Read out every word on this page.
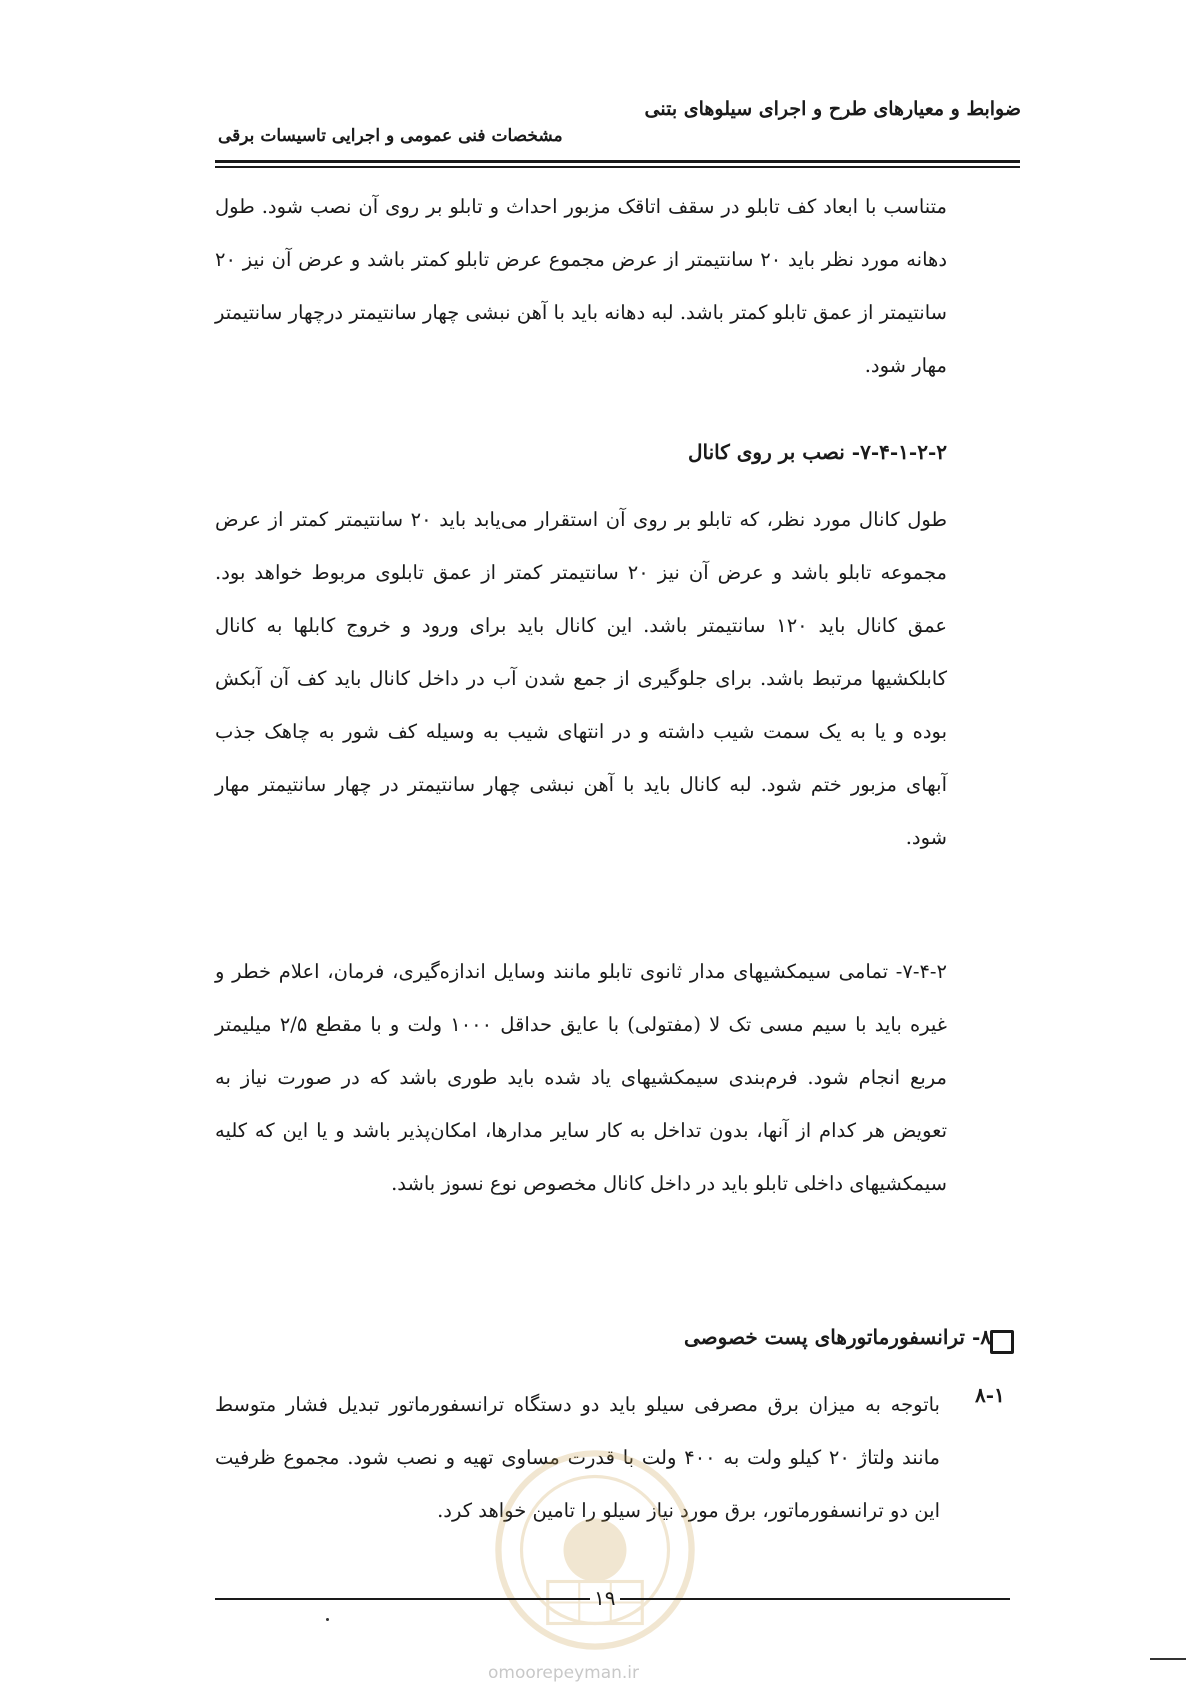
ضوابط و معیارهای طرح و اجرای سیلوهای بتنی
مشخصات فنی عمومی و اجرایی تاسیسات برقی

متناسب با ابعاد کف تابلو در سقف اتاقک مزبور احداث و تابلو بر روی آن نصب شود. طول دهانه مورد نظر باید ۲۰ سانتیمتر از عرض مجموع عرض تابلو کمتر باشد و عرض آن نیز ۲۰ سانتیمتر از عمق تابلو کمتر باشد. لبه دهانه باید با آهن نبشی چهار سانتیمتر درچهار سانتیمتر مهار شود.

۷-۴-۱-۲-۲- نصب بر روی کانال

طول کانال مورد نظر، که تابلو بر روی آن استقرار می‌یابد باید ۲۰ سانتیمتر کمتر از عرض مجموعه تابلو باشد و عرض آن نیز ۲۰ سانتیمتر کمتر از عمق تابلوی مربوط خواهد بود. عمق کانال باید ۱۲۰ سانتیمتر باشد. این کانال باید برای ورود و خروج کابلها به کانال کابلکشیها مرتبط باشد. برای جلوگیری از جمع شدن آب در داخل کانال باید کف آن آبکش بوده و یا به یک سمت شیب داشته و در انتهای شیب به وسیله کف شور به چاهک جذب آبهای مزبور ختم شود. لبه کانال باید با آهن نبشی چهار سانتیمتر در چهار سانتیمتر مهار شود.

۷-۴-۲- تمامی سیمکشیهای مدار ثانوی تابلو مانند وسایل اندازه‌گیری، فرمان، اعلام خطر و غیره باید با سیم مسی تک لا (مفتولی) با عایق حداقل ۱۰۰۰ ولت و با مقطع ۲/۵ میلیمتر مربع انجام شود. فرم‌بندی سیمکشیهای یاد شده باید طوری باشد که در صورت نیاز به تعویض هر کدام از آنها، بدون تداخل به کار سایر مدارها، امکان‌پذیر باشد و یا این که کلیه سیمکشیهای داخلی تابلو باید در داخل کانال مخصوص نوع نسوز باشد.

۸- ترانسفورماتورهای پست خصوصی
۸-۱

باتوجه به میزان برق مصرفی سیلو باید دو دستگاه ترانسفورماتور تبدیل فشار متوسط مانند ولتاژ ۲۰ کیلو ولت به ۴۰۰ ولت با قدرت مساوی تهیه و نصب شود. مجموع ظرفیت این دو ترانسفورماتور، برق مورد نیاز سیلو را تامین خواهد کرد.

۱۹
omoorepeyman.ir
